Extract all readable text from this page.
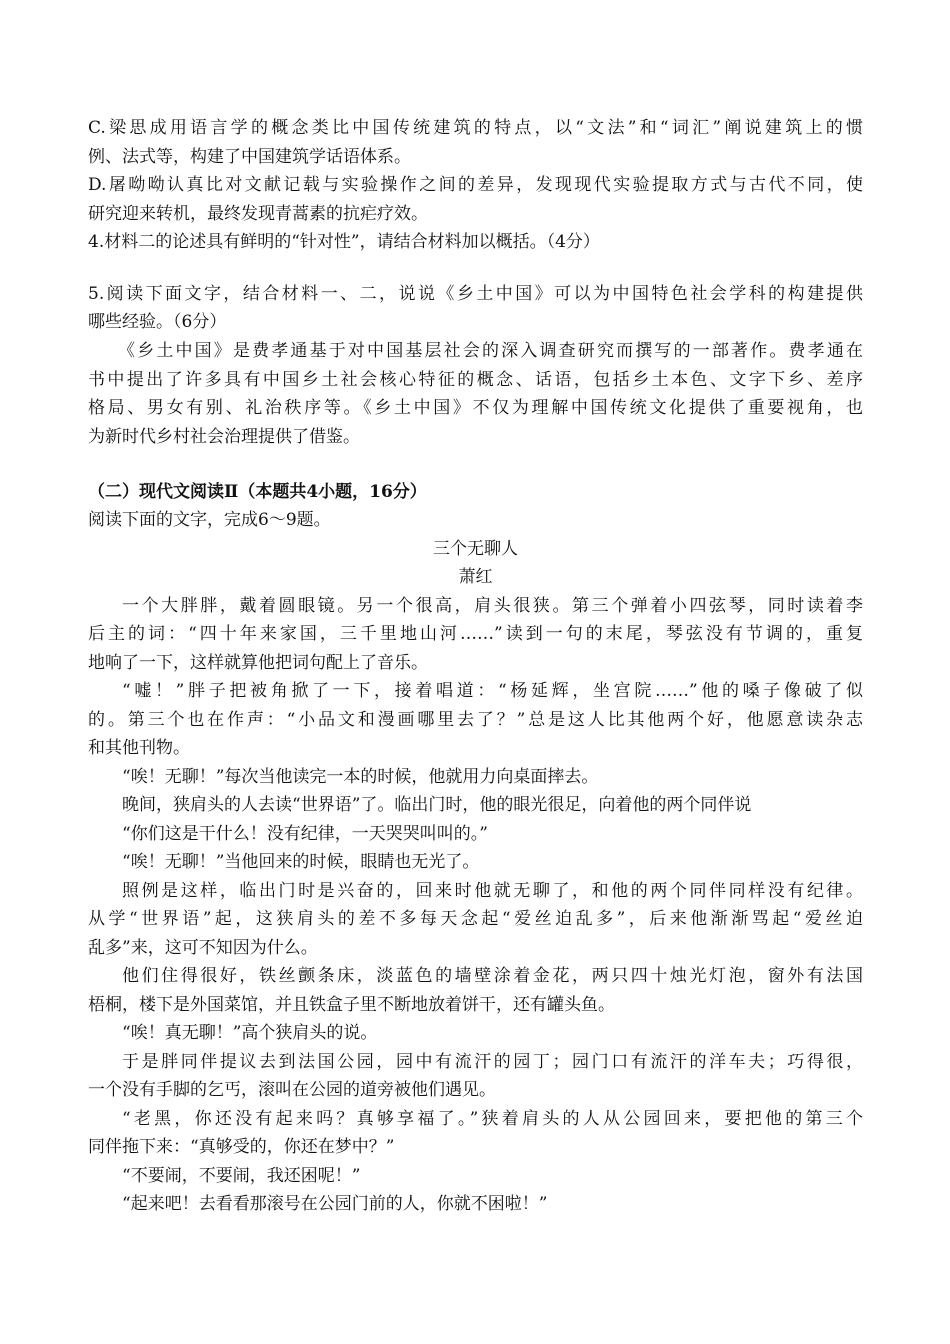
C.梁思成用语言学的概念类比中国传统建筑的特点，以“文法”和“词汇”阐说建筑上的惯
例、法式等，构建了中国建筑学话语体系。
D.屠呦呦认真比对文献记载与实验操作之间的差异，发现现代实验提取方式与古代不同，使
研究迎来转机，最终发现青蒿素的抗疟疗效。
4.材料二的论述具有鲜明的“针对性”，请结合材料加以概括。（4分）
5.阅读下面文字，结合材料一、二，说说《乡土中国》可以为中国特色社会学科的构建提供
哪些经验。（6分）
《乡土中国》是费孝通基于对中国基层社会的深入调查研究而撰写的一部著作。费孝通在
书中提出了许多具有中国乡土社会核心特征的概念、话语，包括乡土本色、文字下乡、差序
格局、男女有别、礼治秩序等。《乡土中国》不仅为理解中国传统文化提供了重要视角，也
为新时代乡村社会治理提供了借鉴。
（二）现代文阅读Ⅱ（本题共4小题，16分）
阅读下面的文字，完成6～9题。
三个无聊人
萧红
一个大胖胖，戴着圆眼镜。另一个很高，肩头很狭。第三个弹着小四弦琴，同时读着李
后主的词：“四十年来家国，三千里地山河……”读到一句的末尾，琴弦没有节调的，重复
地响了一下，这样就算他把词句配上了音乐。
“嘘！”胖子把被角掀了一下，接着唱道：“杨延辉，坐宫院……”他的嗓子像破了似
的。第三个也在作声：“小品文和漫画哪里去了？”总是这人比其他两个好，他愿意读杂志
和其他刊物。
“唉！无聊！”每次当他读完一本的时候，他就用力向桌面摔去。
晚间，狭肩头的人去读“世界语”了。临出门时，他的眼光很足，向着他的两个同伴说
“你们这是干什么！没有纪律，一天哭哭叫叫的。”
“唉！无聊！”当他回来的时候，眼睛也无光了。
照例是这样，临出门时是兴奋的，回来时他就无聊了，和他的两个同伴同样没有纪律。
从学“世界语”起，这狭肩头的差不多每天念起“爱丝迫乱多”，后来他渐渐骂起“爱丝迫
乱多”来，这可不知因为什么。
他们住得很好，铁丝颤条床，淡蓝色的墙壁涂着金花，两只四十烛光灯泡，窗外有法国
梧桐，楼下是外国菜馆，并且铁盒子里不断地放着饼干，还有罐头鱼。
“唉！真无聊！”高个狭肩头的说。
于是胖同伴提议去到法国公园，园中有流汗的园丁；园门口有流汗的洋车夫；巧得很，
一个没有手脚的乞丐，滚叫在公园的道旁被他们遇见。
“老黑，你还没有起来吗？真够享福了。”狭着肩头的人从公园回来，要把他的第三个
同伴拖下来：“真够受的，你还在梦中？”
“不要闹，不要闹，我还困呢！”
“起来吧！去看看那滚号在公园门前的人，你就不困啦！”
